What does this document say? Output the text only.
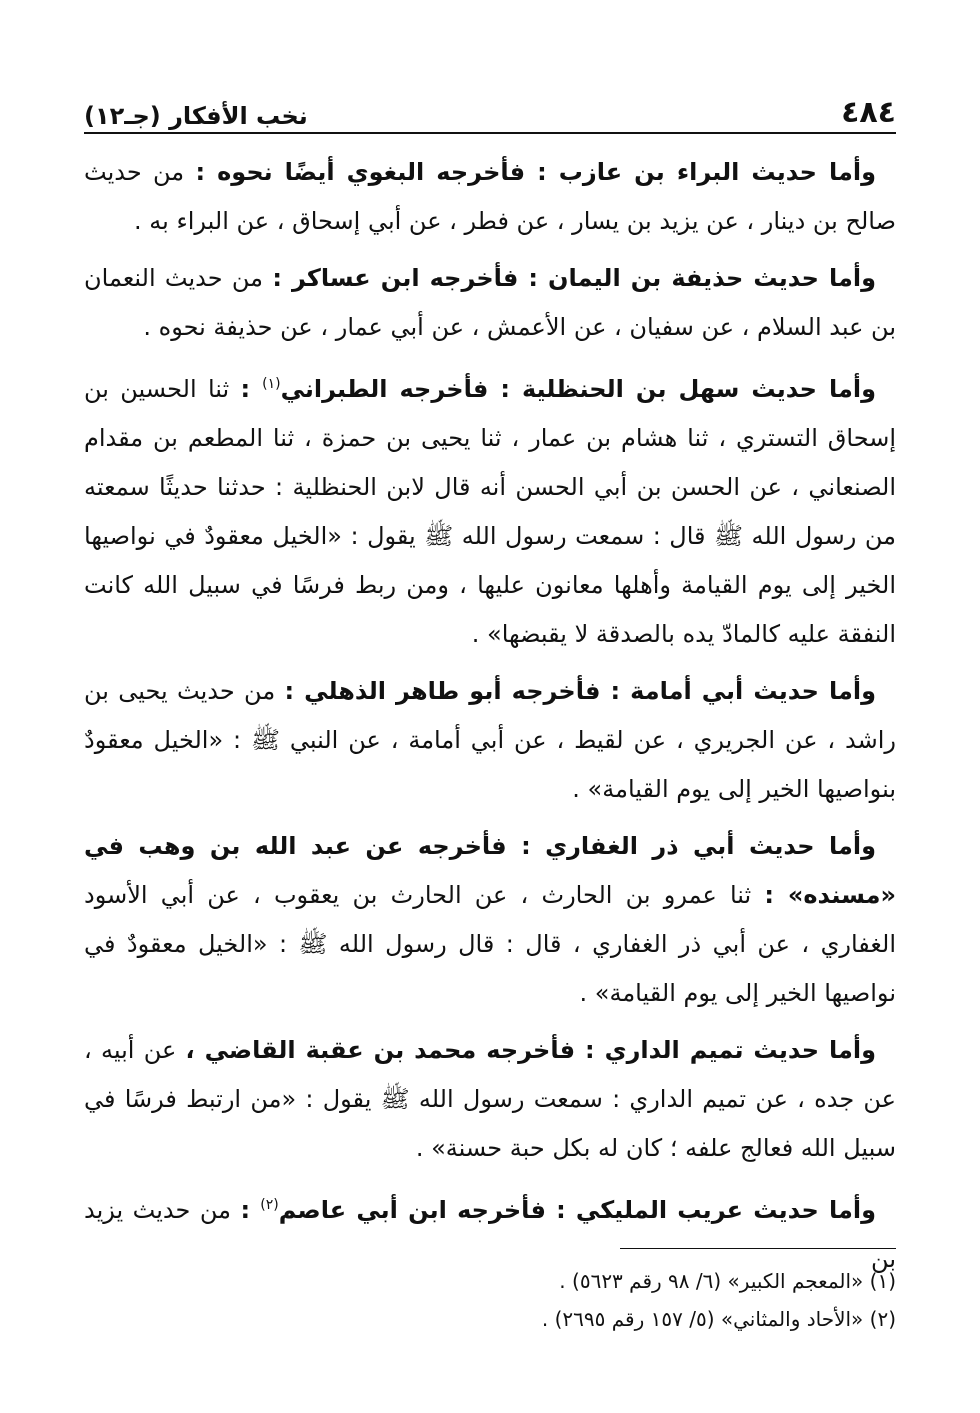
٤٨٤
نخب الأفكار (جـ١٢)

وأما حديث البراء بن عازب : فأخرجه البغوي أيضًا نحوه : من حديث صالح بن دينار ، عن يزيد بن يسار ، عن فطر ، عن أبي إسحاق ، عن البراء به .

وأما حديث حذيفة بن اليمان : فأخرجه ابن عساكر : من حديث النعمان بن عبد السلام ، عن سفيان ، عن الأعمش ، عن أبي عمار ، عن حذيفة نحوه .

وأما حديث سهل بن الحنظلية : فأخرجه الطبراني$^{(١)}$ : ثنا الحسين بن إسحاق التستري ، ثنا هشام بن عمار ، ثنا يحيى بن حمزة ، ثنا المطعم بن مقدام الصنعاني ، عن الحسن بن أبي الحسن أنه قال لابن الحنظلية : حدثنا حديثًا سمعته من رسول الله ﷺ قال : سمعت رسول الله ﷺ يقول : «الخيل معقودٌ في نواصيها الخير إلى يوم القيامة وأهلها معانون عليها ، ومن ربط فرسًا في سبيل الله كانت النفقة عليه كالمادّ يده بالصدقة لا يقبضها» .

وأما حديث أبي أمامة : فأخرجه أبو طاهر الذهلي : من حديث يحيى بن راشد ، عن الجريري ، عن لقيط ، عن أبي أمامة ، عن النبي ﷺ : «الخيل معقودٌ بنواصيها الخير إلى يوم القيامة» .

وأما حديث أبي ذر الغفاري : فأخرجه عن عبد الله بن وهب في «مسنده» : ثنا عمرو بن الحارث ، عن الحارث بن يعقوب ، عن أبي الأسود الغفاري ، عن أبي ذر الغفاري ، قال : قال رسول الله ﷺ : «الخيل معقودٌ في نواصيها الخير إلى يوم القيامة» .

وأما حديث تميم الداري : فأخرجه محمد بن عقبة القاضي ، عن أبيه ، عن جده ، عن تميم الداري : سمعت رسول الله ﷺ يقول : «من ارتبط فرسًا في سبيل الله فعالج علفه ؛ كان له بكل حبة حسنة» .

وأما حديث عريب المليكي : فأخرجه ابن أبي عاصم$^{(٢)}$ : من حديث يزيد بن

(١) «المعجم الكبير» (٦/ ٩٨ رقم ٥٦٢٣) .

(٢) «الأحاد والمثاني» (٥/ ١٥٧ رقم ٢٦٩٥) .
